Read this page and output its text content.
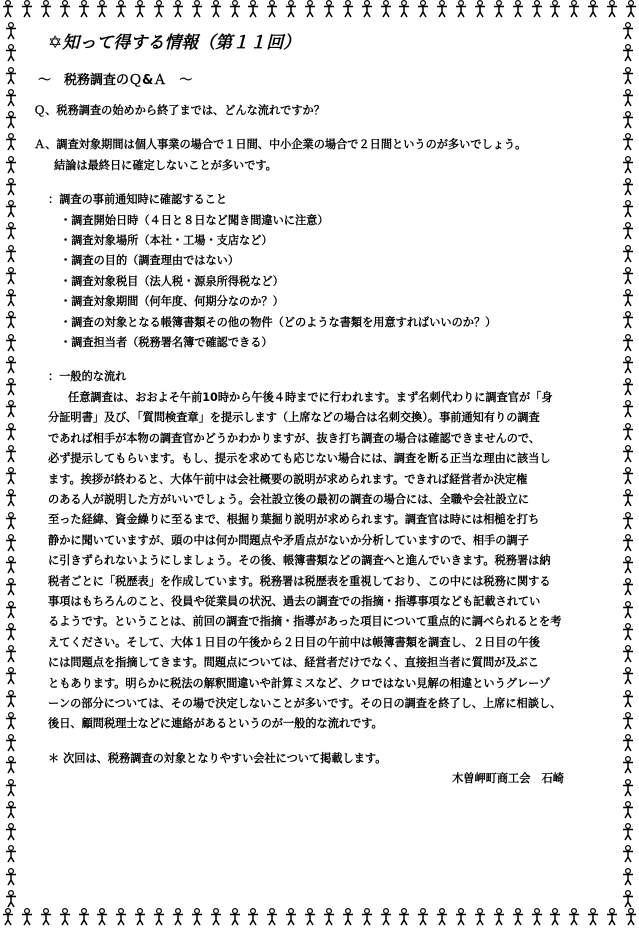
✡知って得する情報（第１１回）
～　税務調査のＱ&Ａ　～
Ｑ、税務調査の始めから終了までは、どんな流れですか？
Ａ、調査対象期間は個人事業の場合で１日間、中小企業の場合で２日間というのが多いでしょう。
結論は最終日に確定しないことが多いです。
：調査の事前通知時に確認すること
・調査開始日時（４日と８日など聞き間違いに注意）
・調査対象場所（本社・工場・支店など）
・調査の目的（調査理由ではない）
・調査対象税目（法人税・源泉所得税など）
・調査対象期間（何年度、何期分なのか？）
・調査の対象となる帳簿書類その他の物件（どのような書類を用意すればいいのか？）
・調査担当者（税務署名簿で確認できる）
：一般的な流れ
任意調査は、おおよそ午前10時から午後４時までに行われます。まず名刺代わりに調査官が「身
分証明書」及び、「質問検査章」を提示します（上席などの場合は名刺交換）。事前通知有りの調査
であれば相手が本物の調査官かどうかわかりますが、抜き打ち調査の場合は確認できませんので、
必ず提示してもらいます。もし、提示を求めても応じない場合には、調査を断る正当な理由に該当し
ます。挨拶が終わると、大体午前中は会社概要の説明が求められます。できれば経営者か決定権
のある人が説明した方がいいでしょう。会社設立後の最初の調査の場合には、全職や会社設立に
至った経緯、資金繰りに至るまで、根掘り葉掘り説明が求められます。調査官は時には相槌を打ち
静かに聞いていますが、頭の中は何か問題点や矛盾点がないか分析していますので、相手の調子
に引きずられないようにしましょう。その後、帳簿書類などの調査へと進んでいきます。税務署は納
税者ごとに「税歴表」を作成しています。税務署は税歴表を重視しており、この中には税務に関する
事項はもちろんのこと、役員や従業員の状況、過去の調査での指摘・指導事項なども記載されてい
るようです。ということは、前回の調査で指摘・指導があった項目について重点的に調べられるとを考
えてください。そして、大体１日目の午後から２日目の午前中は帳簿書類を調査し、２日目の午後
には問題点を指摘してきます。問題点については、経営者だけでなく、直接担当者に質問が及ぶこ
ともあります。明らかに税法の解釈間違いや計算ミスなど、クロではない見解の相違というグレーゾ
ーンの部分については、その場で決定しないことが多いです。その日の調査を終了し、上席に相談し、
後日、顧問税理士などに連絡があるというのが一般的な流れです。
＊ 次回は、税務調査の対象となりやすい会社について掲載します。
木曽岬町商工会　石崎
